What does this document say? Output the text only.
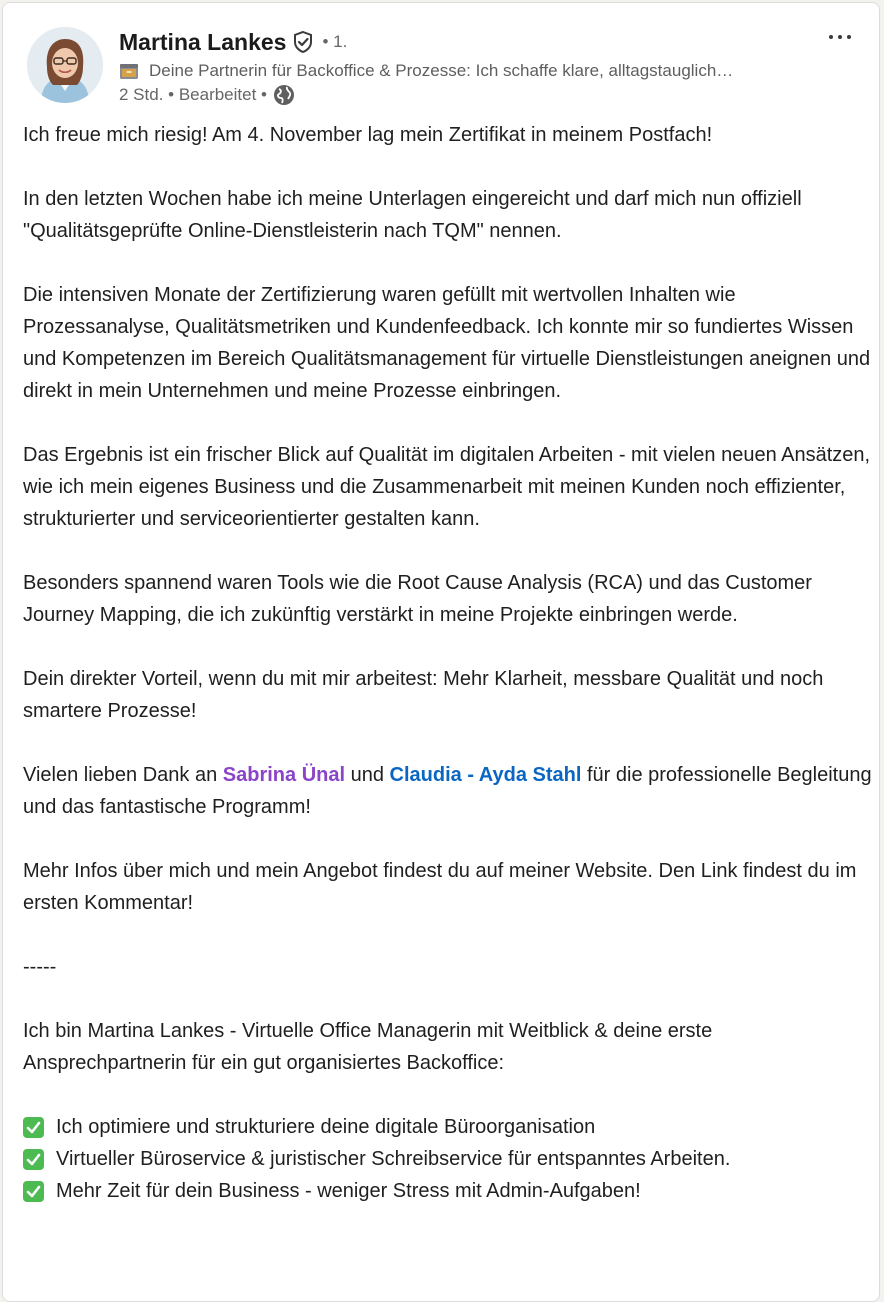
Martina Lankes • 1.
Deine Partnerin für Backoffice & Prozesse: Ich schaffe klare, alltagstauglich…
2 Std. • Bearbeitet •

Ich freue mich riesig! Am 4. November lag mein Zertifikat in meinem Postfach!

In den letzten Wochen habe ich meine Unterlagen eingereicht und darf mich nun offiziell "Qualitätsgeprüfte Online-Dienstleisterin nach TQM" nennen.

Die intensiven Monate der Zertifizierung waren gefüllt mit wertvollen Inhalten wie Prozessanalyse, Qualitätsmetriken und Kundenfeedback. Ich konnte mir so fundiertes Wissen und Kompetenzen im Bereich Qualitätsmanagement für virtuelle Dienstleistungen aneignen und direkt in mein Unternehmen und meine Prozesse einbringen.

Das Ergebnis ist ein frischer Blick auf Qualität im digitalen Arbeiten - mit vielen neuen Ansätzen, wie ich mein eigenes Business und die Zusammenarbeit mit meinen Kunden noch effizienter, strukturierter und serviceorientierter gestalten kann.

Besonders spannend waren Tools wie die Root Cause Analysis (RCA) und das Customer Journey Mapping, die ich zukünftig verstärkt in meine Projekte einbringen werde.

Dein direkter Vorteil, wenn du mit mir arbeitest: Mehr Klarheit, messbare Qualität und noch smartere Prozesse!

Vielen lieben Dank an Sabrina Ünal und Claudia - Ayda Stahl für die professionelle Begleitung und das fantastische Programm!

Mehr Infos über mich und mein Angebot findest du auf meiner Website. Den Link findest du im ersten Kommentar!

-----

Ich bin Martina Lankes - Virtuelle Office Managerin mit Weitblick & deine erste Ansprechpartnerin für ein gut organisiertes Backoffice:

Ich optimiere und strukturiere deine digitale Büroorganisation
Virtueller Büroservice & juristischer Schreibservice für entspanntes Arbeiten.
Mehr Zeit für dein Business - weniger Stress mit Admin-Aufgaben!
